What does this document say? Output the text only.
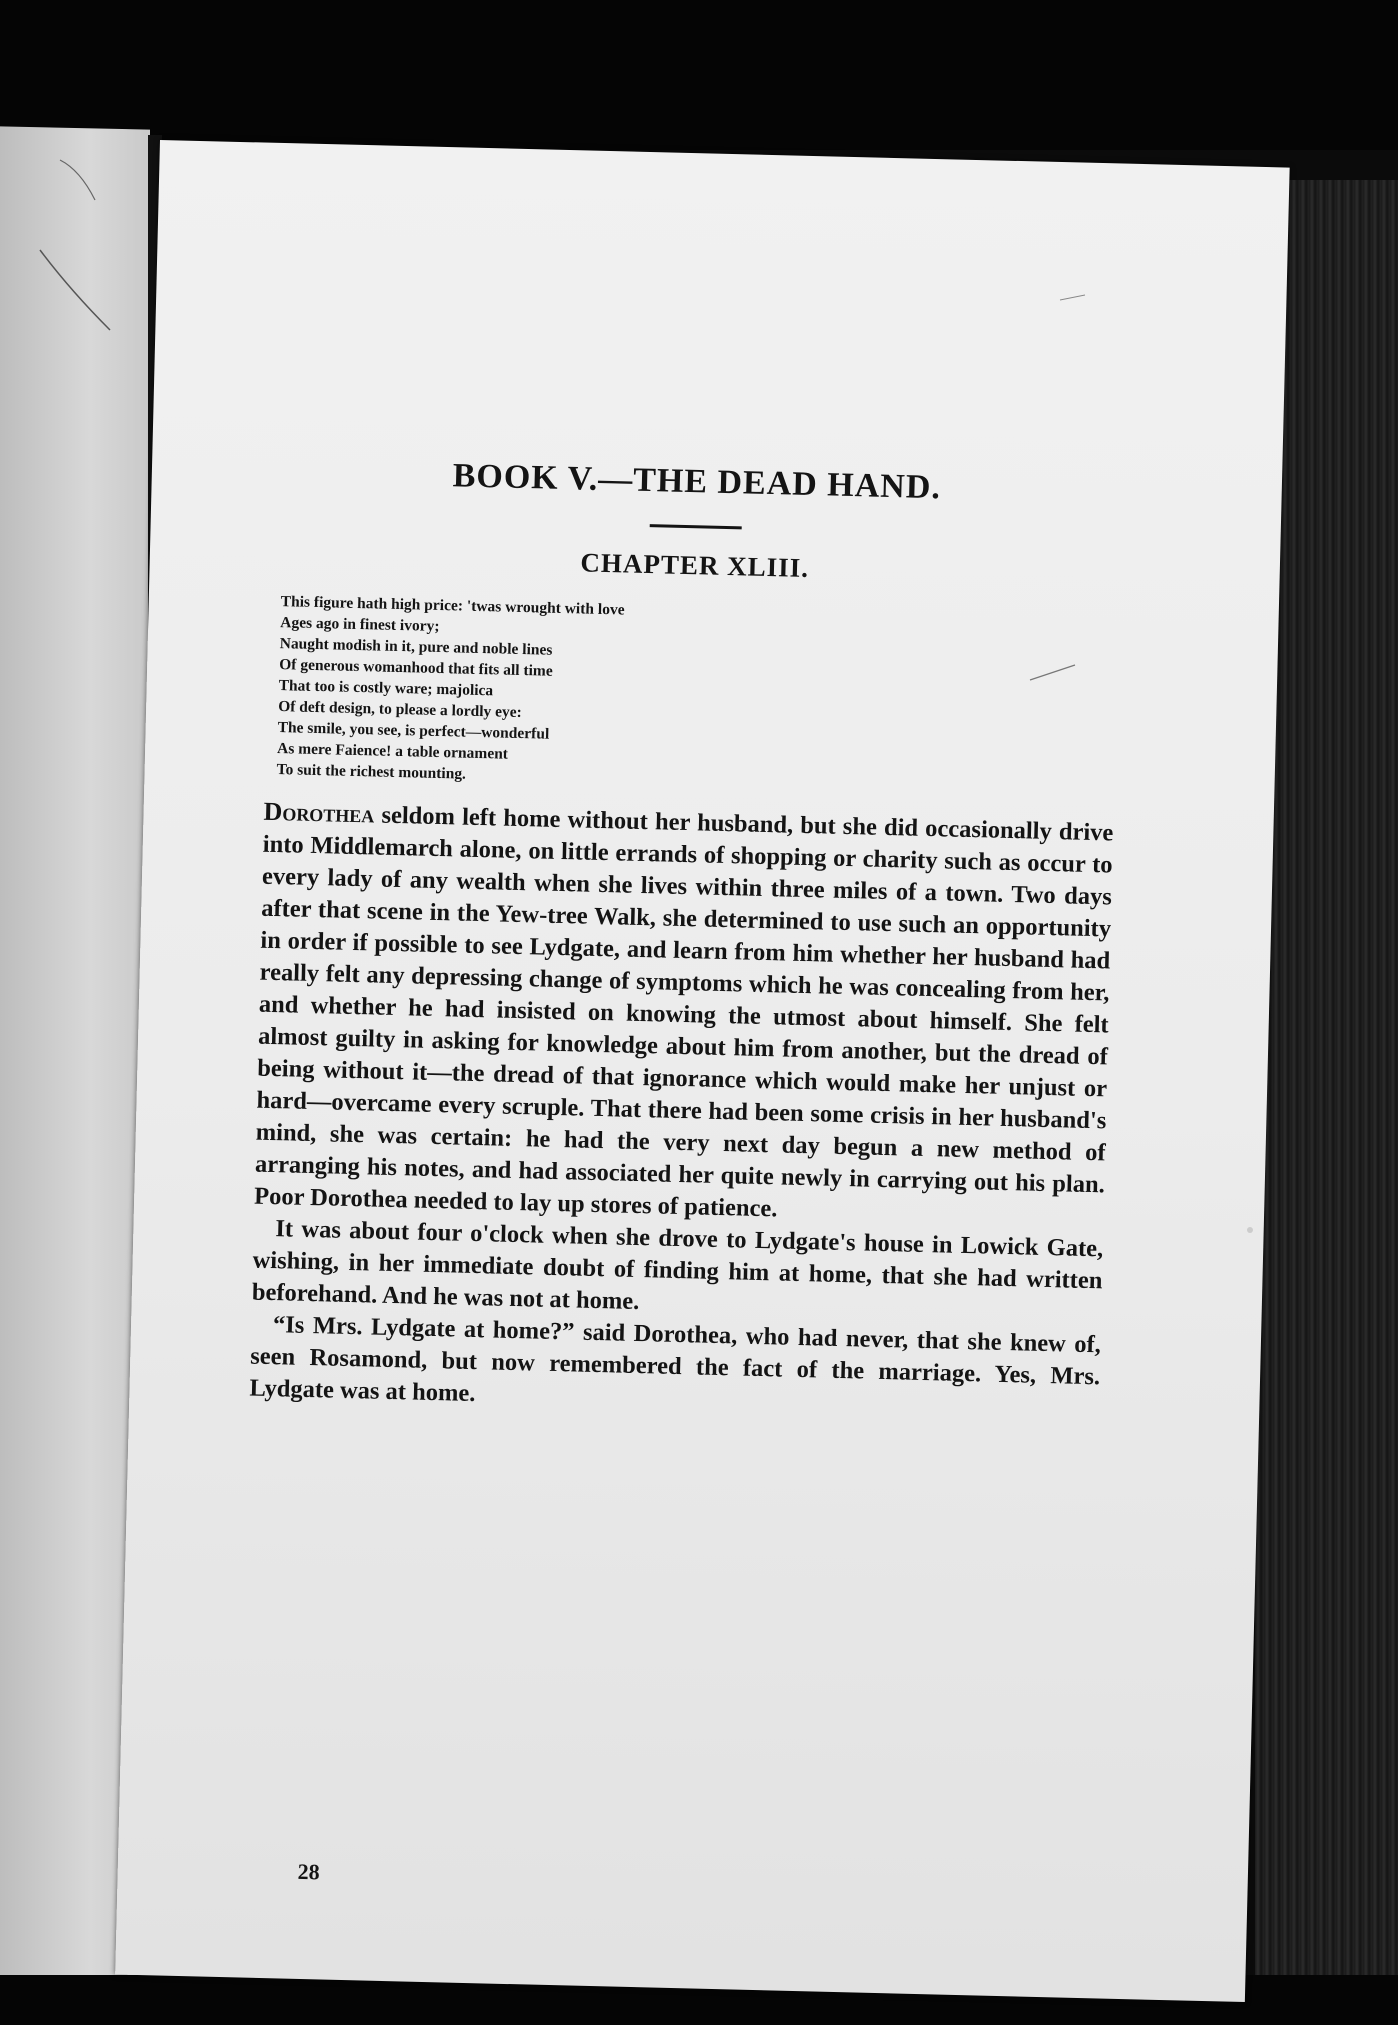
BOOK V.—THE DEAD HAND.
CHAPTER XLIII.
This figure hath high price: 'twas wrought with love
Ages ago in finest ivory;
Naught modish in it, pure and noble lines
Of generous womanhood that fits all time
That too is costly ware; majolica
Of deft design, to please a lordly eye:
The smile, you see, is perfect—wonderful
As mere Faience! a table ornament
To suit the richest mounting.

Dorothea seldom left home without her husband, but she did occasionally drive into Middlemarch alone, on little errands of shopping or charity such as occur to every lady of any wealth when she lives within three miles of a town. Two days after that scene in the Yew-tree Walk, she determined to use such an opportunity in order if possible to see Lydgate, and learn from him whether her husband had really felt any depressing change of symptoms which he was concealing from her, and whether he had insisted on knowing the utmost about himself. She felt almost guilty in asking for knowledge about him from another, but the dread of being without it—the dread of that ignorance which would make her unjust or hard—overcame every scruple. That there had been some crisis in her husband's mind, she was certain: he had the very next day begun a new method of arranging his notes, and had associated her quite newly in carrying out his plan. Poor Dorothea needed to lay up stores of patience.

It was about four o'clock when she drove to Lydgate's house in Lowick Gate, wishing, in her immediate doubt of finding him at home, that she had written beforehand. And he was not at home.

“Is Mrs. Lydgate at home?” said Dorothea, who had never, that she knew of, seen Rosamond, but now remembered the fact of the marriage. Yes, Mrs. Lydgate was at home.

28
